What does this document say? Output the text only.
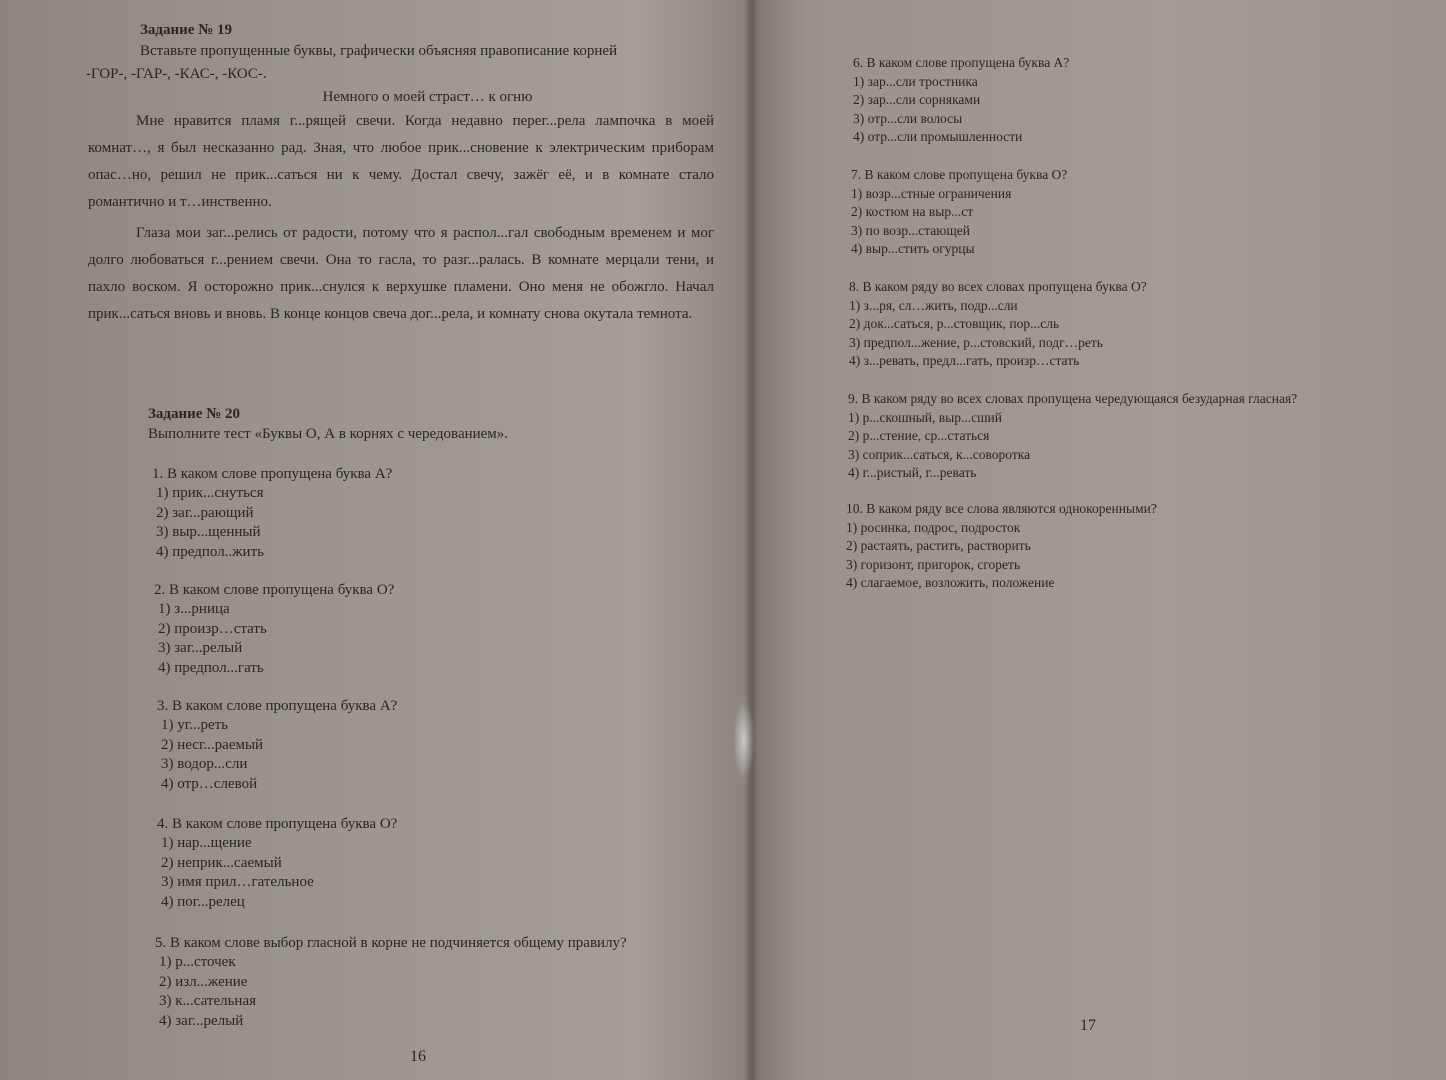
Задание № 19
Вставьте пропущенные буквы, графически объясняя правописание корней
-ГОР-, -ГАР-, -КАС-, -КОС-.
Немного о моей страст… к огню

Мне нравится пламя г...рящей свечи. Когда недавно перег...рела лампочка в моей комнат…, я был несказанно рад. Зная, что любое прик...сновение к электрическим приборам опас…но, решил не прик...саться ни к чему. Достал свечу, зажёг её, и в комнате стало романтично и т…инственно.

Глаза мои заг...релись от радости, потому что я распол...гал свободным временем и мог долго любоваться г...рением свечи. Она то гасла, то разг...ралась. В комнате мерцали тени, и пахло воском. Я осторожно прик...снулся к верхушке пламени. Оно меня не обожгло. Начал прик...саться вновь и вновь. В конце концов свеча дог...рела, и комнату снова окутала темнота.

Задание № 20
Выполните тест «Буквы О, А в корнях с чередованием».
1. В каком слове пропущена буква А?
1) прик...снуться
2) заг...рающий
3) выр...щенный
4) предпол..жить
2. В каком слове пропущена буква О?
1) з...рница
2) произр…стать
3) заг...релый
4) предпол...гать
3. В каком слове пропущена буква А?
1) уг...реть
2) несг...раемый
3) водор...сли
4) отр…слевой
4. В каком слове пропущена буква О?
1) нар...щение
2) неприк...саемый
3) имя прил…гательное
4) пог...релец
5. В каком слове выбор гласной в корне не подчиняется общему правилу?
1) р...сточек
2) изл...жение
3) к...сательная
4) заг...релый
16
6. В каком слове пропущена буква А?
1) зар...сли тростника
2) зар...сли сорняками
3) отр...сли волосы
4) отр...сли промышленности
7. В каком слове пропущена буква О?
1) возр...стные ограничения
2) костюм на выр...ст
3) по возр...стающей
4) выр...стить огурцы
8. В каком ряду во всех словах пропущена буква О?
1) з...ря, сл…жить, подр...сли
2) док...саться, р...стовщик, пор...сль
3) предпол...жение, р...стовский, подг…реть
4) з...ревать, предл...гать, произр…стать
9. В каком ряду во всех словах пропущена чередующаяся безударная гласная?
1) р...скошный, выр...сший
2) р...стение, ср...статься
3) соприк...саться, к...соворотка
4) г...ристый, г...ревать
10. В каком ряду все слова являются однокоренными?
1) росинка, подрос, подросток
2) растаять, растить, растворить
3) горизонт, пригорок, сгореть
4) слагаемое, возложить, положение
17
